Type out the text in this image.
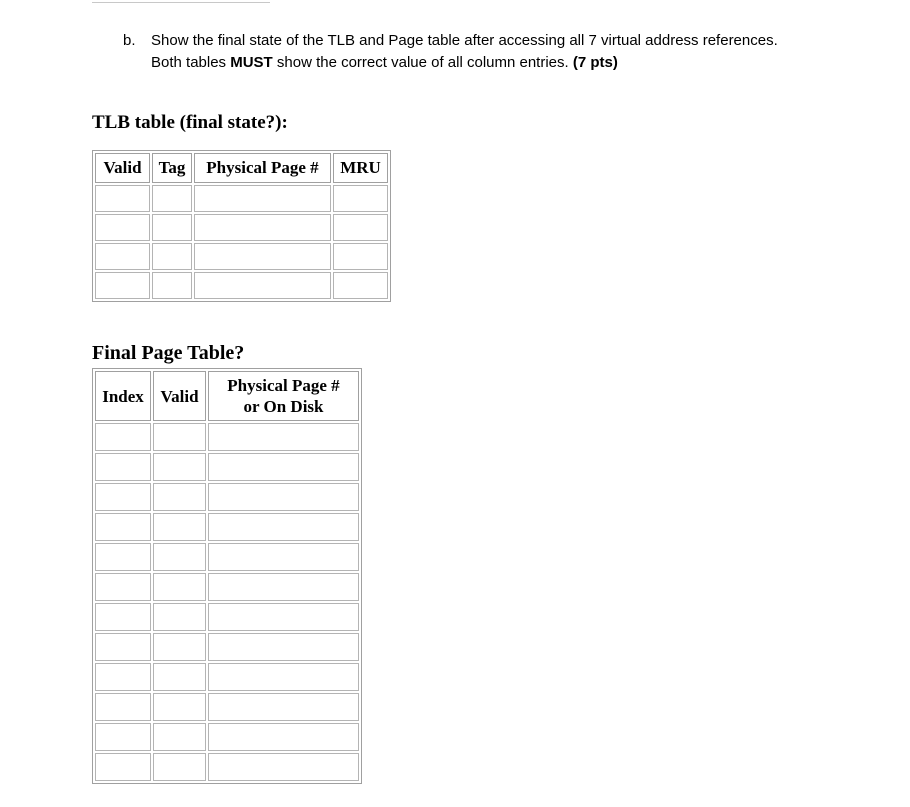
b. Show the final state of the TLB and Page table after accessing all 7 virtual address references.
Both tables MUST show the correct value of all column entries. (7 pts)
TLB table (final state?):
Valid	Tag	Physical Page #	MRU

Final Page Table?
Index	Valid	Physical Page #
or On Disk
